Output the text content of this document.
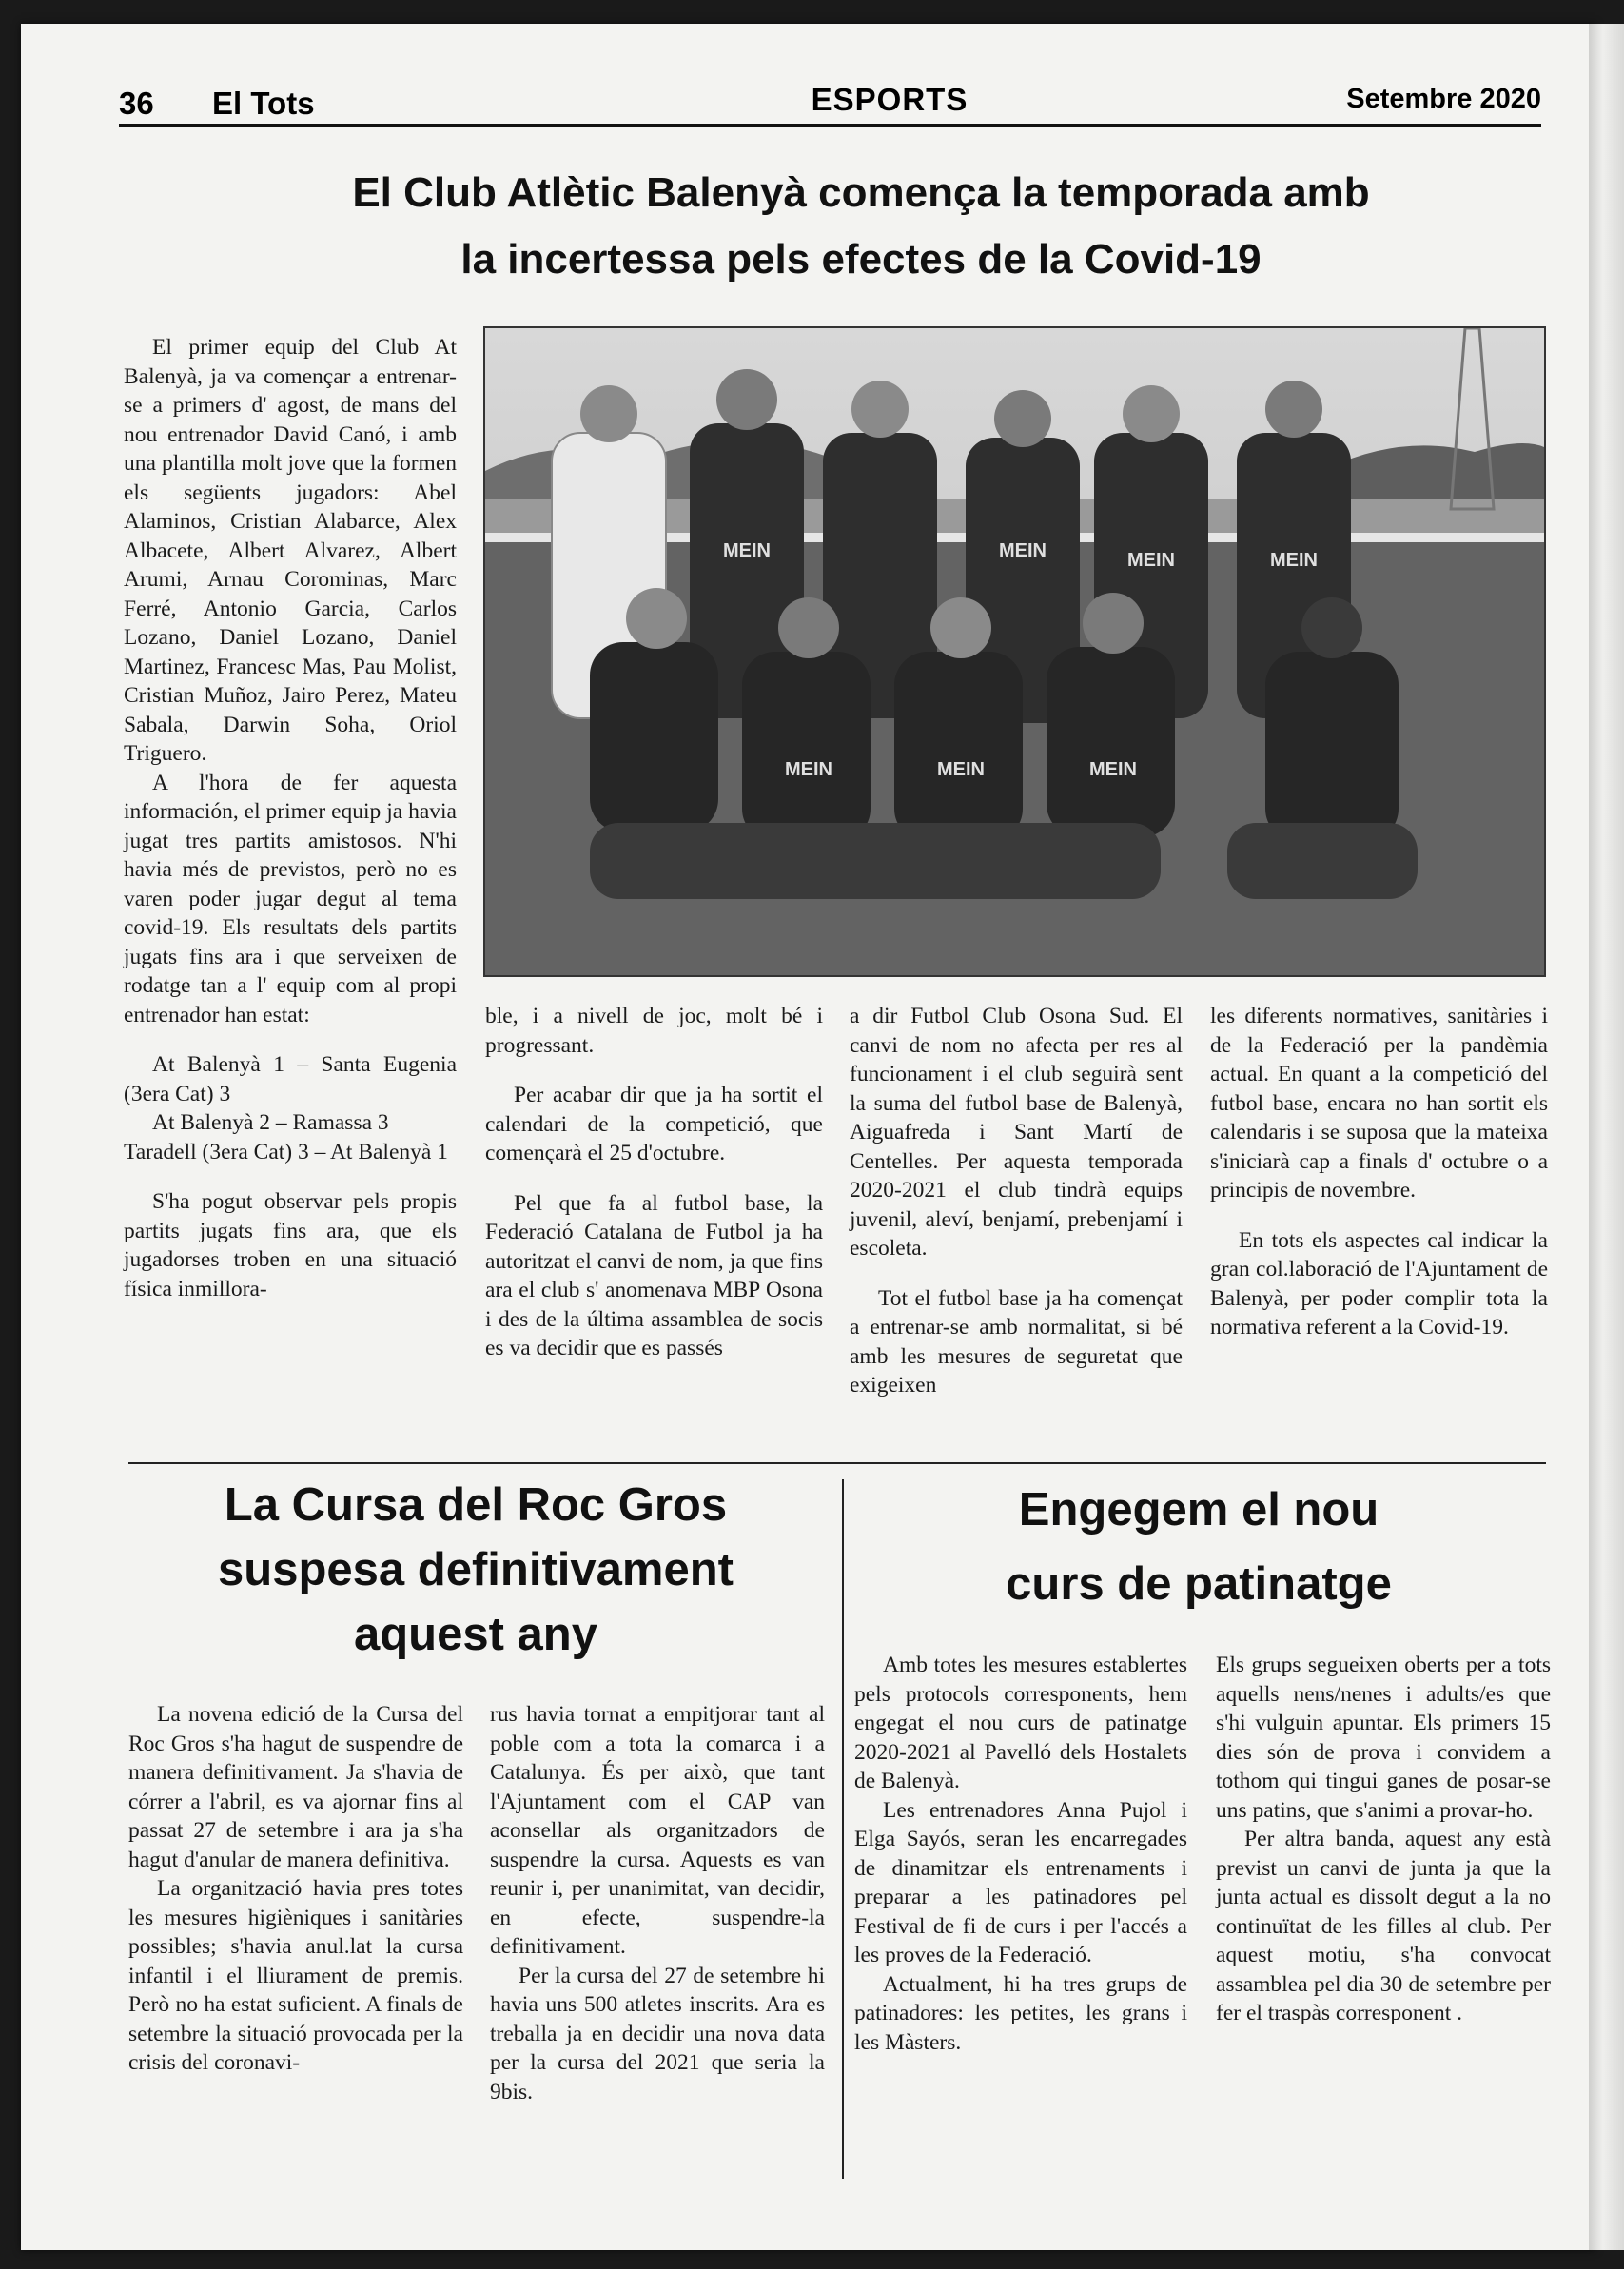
36 El Tots	ESPORTS	Setembre 2020
El Club Atlètic Balenyà comença la temporada amb
la incertessa pels efectes de la Covid-19
MEIN	MEIN	MEIN	MEIN
MEIN	MEIN	MEIN

El primer equip del Club At Balenyà, ja va començar a entrenar-se a primers d' agost, de mans del nou entrenador David Canó, i amb una plantilla molt jove que la formen els següents jugadors: Abel Alaminos, Cristian Alabarce, Alex Albacete, Albert Alvarez, Albert Arumi, Arnau Corominas, Marc Ferré, Antonio Garcia, Carlos Lozano, Daniel Lozano, Daniel Martinez, Francesc Mas, Pau Molist, Cristian Muñoz, Jairo Perez, Mateu Sabala, Darwin Soha, Oriol Triguero.

A l'hora de fer aquesta información, el primer equip ja havia jugat tres partits amistosos. N'hi havia més de previstos, però no es varen poder jugar degut al tema covid-19. Els resultats dels partits jugats fins ara i que serveixen de rodatge tan a l' equip com al propi entrenador han estat:

At Balenyà 1 – Santa Eugenia (3era Cat) 3

At Balenyà 2 – Ramassa 3

Taradell (3era Cat) 3 – At Balenyà 1

S'ha pogut observar pels propis partits jugats fins ara, que els jugadorses troben en una situació física inmillora-

ble, i a nivell de joc, molt bé i progressant.

Per acabar dir que ja ha sortit el calendari de la competició, que començarà el 25 d'octubre.

Pel que fa al futbol base, la Federació Catalana de Futbol ja ha autoritzat el canvi de nom, ja que fins ara el club s' anomenava MBP Osona i des de la última assamblea de socis es va decidir que es passés

a dir Futbol Club Osona Sud. El canvi de nom no afecta per res al funcionament i el club seguirà sent la suma del futbol base de Balenyà, Aiguafreda i Sant Martí de Centelles. Per aquesta temporada 2020-2021 el club tindrà equips juvenil, aleví, benjamí, prebenjamí i escoleta.

Tot el futbol base ja ha començat a entrenar-se amb normalitat, si bé amb les mesures de seguretat que exigeixen

les diferents normatives, sanitàries i de la Federació per la pandèmia actual. En quant a la competició del futbol base, encara no han sortit els calendaris i se suposa que la mateixa s'iniciarà cap a finals d' octubre o a principis de novembre.

En tots els aspectes cal indicar la gran col.laboració de l'Ajuntament de Balenyà, per poder complir tota la normativa referent a la Covid-19.

La Cursa del Roc Gros
suspesa definitivament
aquest any

La novena edició de la Cursa del Roc Gros s'ha hagut de suspendre de manera definitivament. Ja s'havia de córrer a l'abril, es va ajornar fins al passat 27 de setembre i ara ja s'ha hagut d'anular de manera definitiva.

La organització havia pres totes les mesures higièniques i sanitàries possibles; s'havia anul.lat la cursa infantil i el lliurament de premis. Però no ha estat suficient. A finals de setembre la situació provocada per la crisis del coronavi-

rus havia tornat a empitjorar tant al poble com a tota la comarca i a Catalunya. És per això, que tant l'Ajuntament com el CAP van aconsellar als organitzadors de suspendre la cursa. Aquests es van reunir i, per unanimitat, van decidir, en efecte, suspendre-la definitivament.

Per la cursa del 27 de setembre hi havia uns 500 atletes inscrits. Ara es treballa ja en decidir una nova data per la cursa del 2021 que seria la 9bis.

Engegem el nou
curs de patinatge

Amb totes les mesures establertes pels protocols corresponents, hem engegat el nou curs de patinatge 2020-2021 al Pavelló dels Hostalets de Balenyà.

Les entrenadores Anna Pujol i Elga Sayós, seran les encarregades de dinamitzar els entrenaments i preparar a les patinadores pel Festival de fi de curs i per l'accés a les proves de la Federació.

Actualment, hi ha tres grups de patinadores: les petites, les grans i les Màsters.

Els grups segueixen oberts per a tots aquells nens/nenes i adults/es que s'hi vulguin apuntar. Els primers 15 dies són de prova i convidem a tothom qui tingui ganes de posar-se uns patins, que s'animi a provar-ho.

Per altra banda, aquest any està previst un canvi de junta ja que la junta actual es dissolt degut a la no continuïtat de les filles al club. Per aquest motiu, s'ha convocat assamblea pel dia 30 de setembre per fer el traspàs corresponent .
